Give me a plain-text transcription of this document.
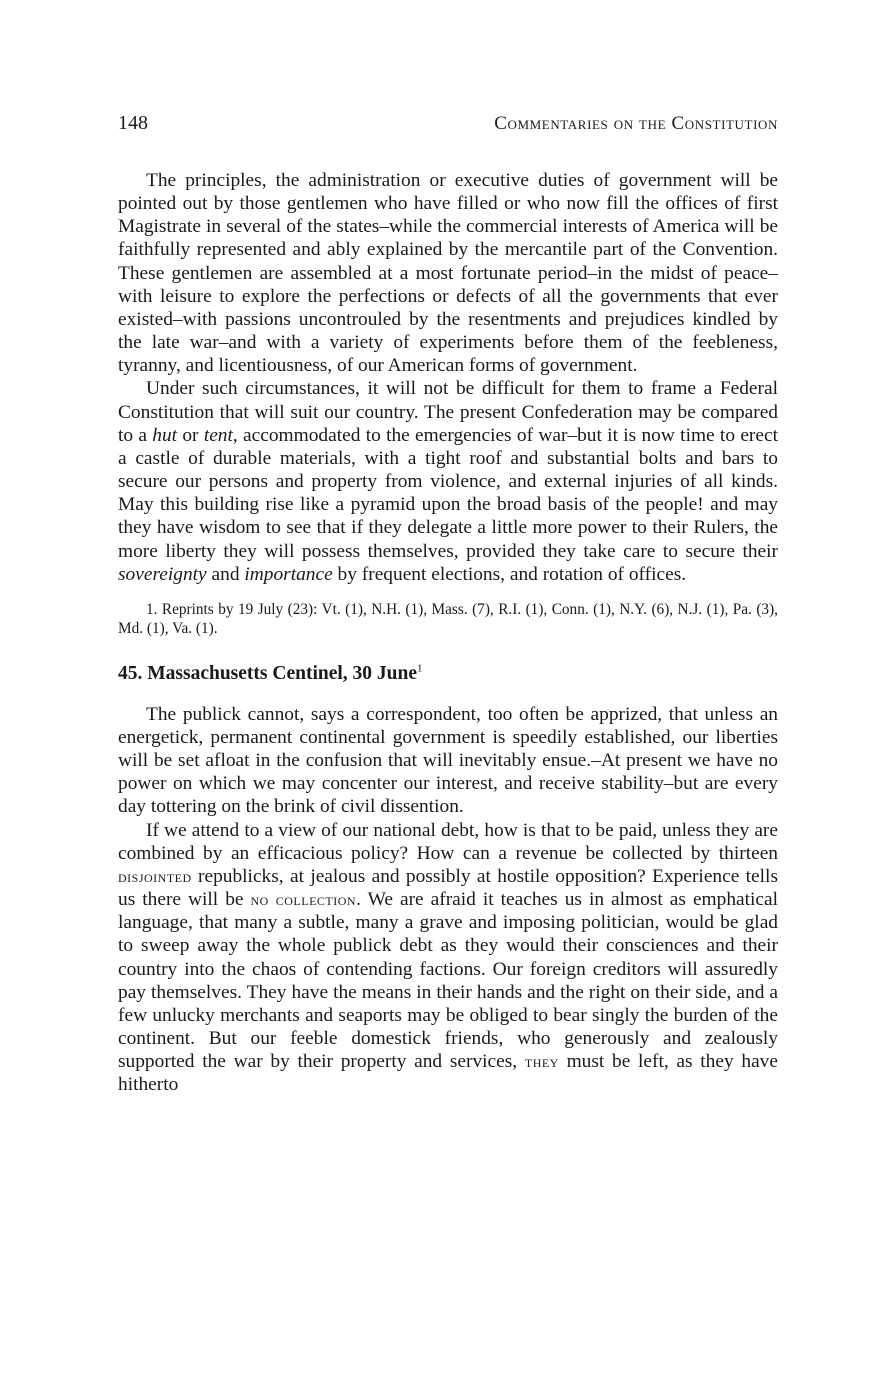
148	Commentaries on the Constitution

The principles, the administration or executive duties of government will be pointed out by those gentlemen who have filled or who now fill the offices of first Magistrate in several of the states–while the commercial interests of America will be faithfully represented and ably explained by the mercantile part of the Convention. These gentlemen are assembled at a most fortunate period–in the midst of peace–with leisure to explore the perfections or defects of all the governments that ever existed–with passions uncontrouled by the resentments and prejudices kindled by the late war–and with a variety of experiments before them of the feebleness, tyranny, and licentiousness, of our American forms of government.

Under such circumstances, it will not be difficult for them to frame a Federal Constitution that will suit our country. The present Confederation may be compared to a hut or tent, accommodated to the emergencies of war–but it is now time to erect a castle of durable materials, with a tight roof and substantial bolts and bars to secure our persons and property from violence, and external injuries of all kinds. May this building rise like a pyramid upon the broad basis of the people! and may they have wisdom to see that if they delegate a little more power to their Rulers, the more liberty they will possess themselves, provided they take care to secure their sovereignty and importance by frequent elections, and rotation of offices.

1. Reprints by 19 July (23): Vt. (1), N.H. (1), Mass. (7), R.I. (1), Conn. (1), N.Y. (6), N.J. (1), Pa. (3), Md. (1), Va. (1).

45. Massachusetts Centinel, 30 June$^1$

The publick cannot, says a correspondent, too often be apprized, that unless an energetick, permanent continental government is speedily established, our liberties will be set afloat in the confusion that will inevitably ensue.–At present we have no power on which we may concenter our interest, and receive stability–but are every day tottering on the brink of civil dissention.

If we attend to a view of our national debt, how is that to be paid, unless they are combined by an efficacious policy? How can a revenue be collected by thirteen disjointed republicks, at jealous and possibly at hostile opposition? Experience tells us there will be no collection. We are afraid it teaches us in almost as emphatical language, that many a subtle, many a grave and imposing politician, would be glad to sweep away the whole publick debt as they would their consciences and their country into the chaos of contending factions. Our foreign creditors will assuredly pay themselves. They have the means in their hands and the right on their side, and a few unlucky merchants and seaports may be obliged to bear singly the burden of the continent. But our feeble domestick friends, who generously and zealously supported the war by their property and services, they must be left, as they have hitherto
